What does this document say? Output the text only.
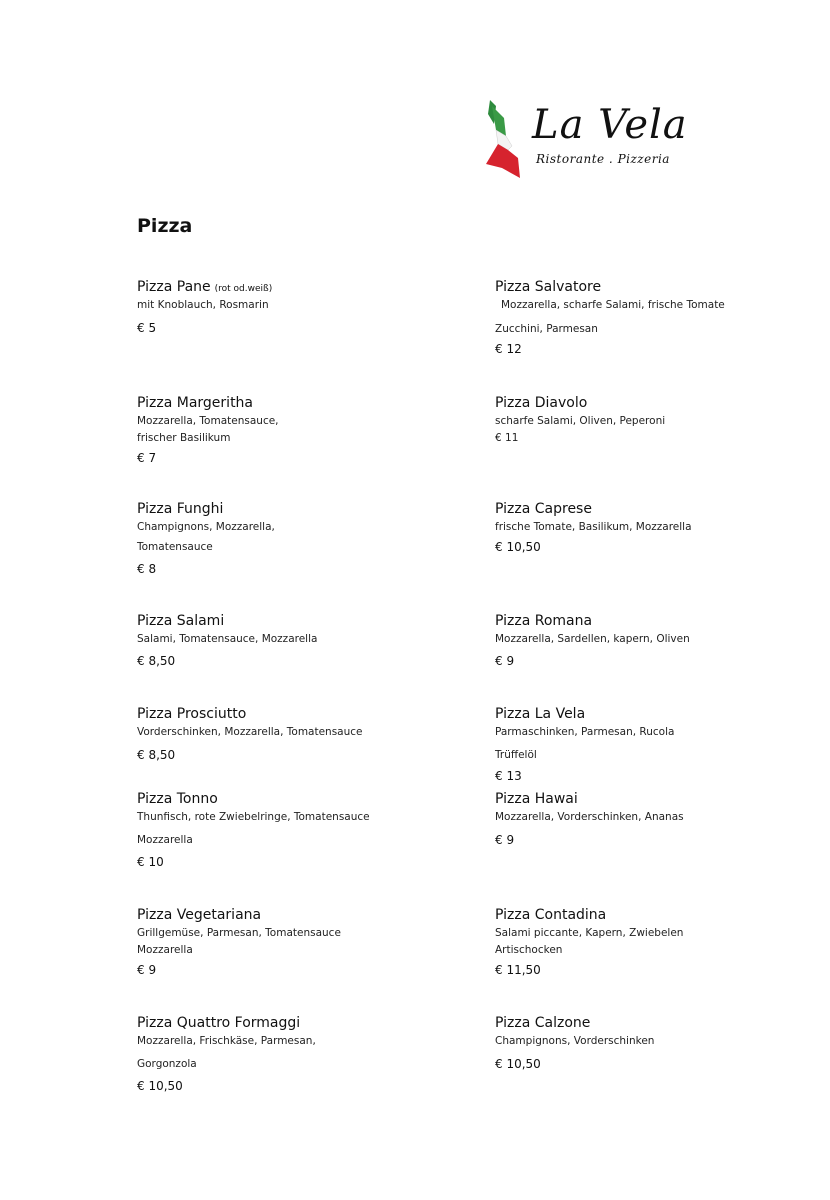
La Vela
Ristorante . Pizzeria
Pizza
Pizza Pane (rot od.weiß)
mit Knoblauch, Rosmarin
€ 5
Pizza Margeritha
Mozzarella, Tomatensauce,
frischer Basilikum
€ 7
Pizza Funghi
Champignons, Mozzarella,
Tomatensauce
€ 8
Pizza Salami
Salami, Tomatensauce, Mozzarella
€ 8,50
Pizza Prosciutto
Vorderschinken, Mozzarella, Tomatensauce
€ 8,50
Pizza Tonno
Thunfisch, rote Zwiebelringe, Tomatensauce
Mozzarella
€ 10
Pizza Vegetariana
Grillgemüse, Parmesan, Tomatensauce
Mozzarella
€ 9
Pizza Quattro Formaggi
Mozzarella, Frischkäse, Parmesan,
Gorgonzola
€ 10,50
Pizza Salvatore
Mozzarella, scharfe Salami, frische Tomate
Zucchini, Parmesan
€ 12
Pizza Diavolo
scharfe Salami, Oliven, Peperoni
€ 11
Pizza Caprese
frische Tomate, Basilikum, Mozzarella
€ 10,50
Pizza Romana
Mozzarella, Sardellen, kapern, Oliven
€ 9
Pizza La Vela
Parmaschinken, Parmesan, Rucola
Trüffelöl
€ 13
Pizza Hawai
Mozzarella, Vorderschinken, Ananas
€ 9
Pizza Contadina
Salami piccante, Kapern, Zwiebelen
Artischocken
€ 11,50
Pizza Calzone
Champignons, Vorderschinken
€ 10,50
